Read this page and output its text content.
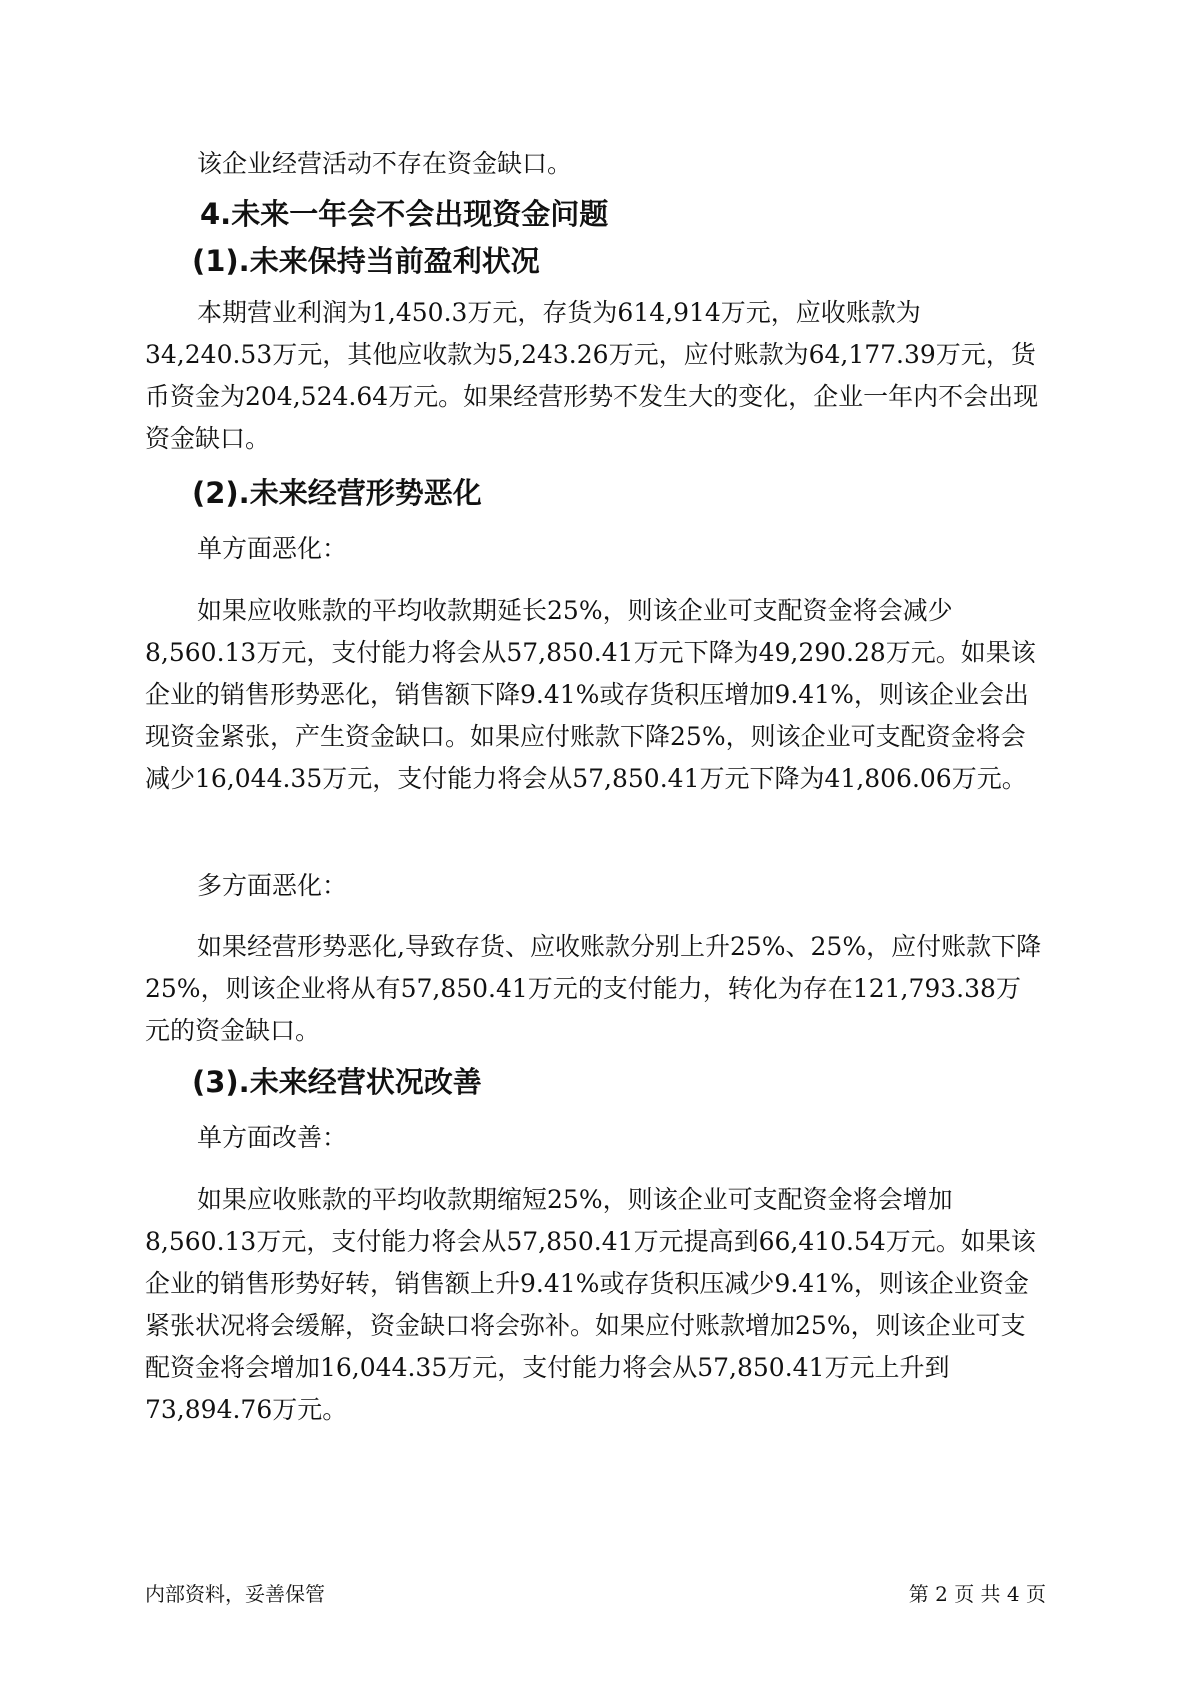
该企业经营活动不存在资金缺口。

4.未来一年会不会出现资金问题
(1).未来保持当前盈利状况

本期营业利润为1,450.3万元，存货为614,914万元，应收账款为34,240.53万元，其他应收款为5,243.26万元，应付账款为64,177.39万元，货币资金为204,524.64万元。如果经营形势不发生大的变化，企业一年内不会出现资金缺口。

(2).未来经营形势恶化

单方面恶化：

如果应收账款的平均收款期延长25%，则该企业可支配资金将会减少8,560.13万元，支付能力将会从57,850.41万元下降为49,290.28万元。如果该企业的销售形势恶化，销售额下降9.41%或存货积压增加9.41%，则该企业会出现资金紧张，产生资金缺口。如果应付账款下降25%，则该企业可支配资金将会减少16,044.35万元，支付能力将会从57,850.41万元下降为41,806.06万元。

多方面恶化：

如果经营形势恶化,导致存货、应收账款分别上升25%、25%，应付账款下降25%，则该企业将从有57,850.41万元的支付能力，转化为存在121,793.38万元的资金缺口。

(3).未来经营状况改善

单方面改善：

如果应收账款的平均收款期缩短25%，则该企业可支配资金将会增加8,560.13万元，支付能力将会从57,850.41万元提高到66,410.54万元。如果该企业的销售形势好转，销售额上升9.41%或存货积压减少9.41%，则该企业资金紧张状况将会缓解，资金缺口将会弥补。如果应付账款增加25%，则该企业可支配资金将会增加16,044.35万元，支付能力将会从57,850.41万元上升到73,894.76万元。

内部资料，妥善保管	第 2 页 共 4 页
